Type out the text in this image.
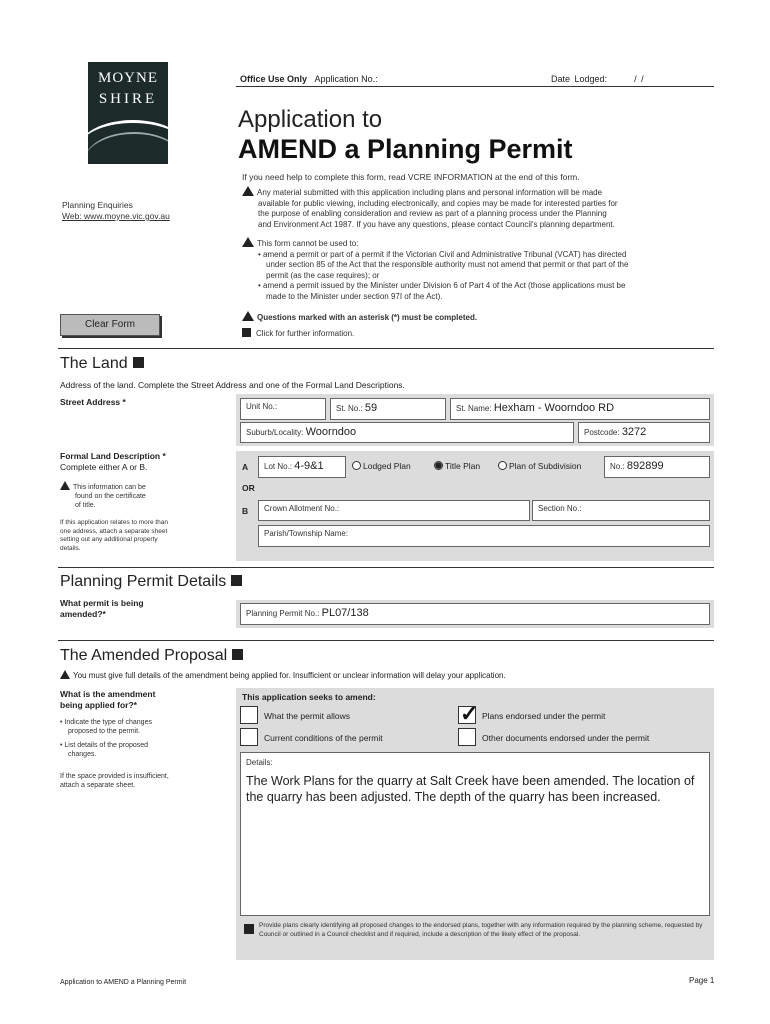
MOYNE
SHIRE
Office Use Only Application No.:	Date Lodged:	/ /
Application to
AMEND a Planning Permit
If you need help to complete this form, read VCRE INFORMATION at the end of this form.
Any material submitted with this application including plans and personal information will be made
available for public viewing, including electronically, and copies may be made for interested parties for
the purpose of enabling consideration and review as part of a planning process under the Planning
and Environment Act 1987. If you have any questions, please contact Council's planning department.
This form cannot be used to:
• amend a permit or part of a permit if the Victorian Civil and Administrative Tribunal (VCAT) has directed
under section 85 of the Act that the responsible authority must not amend that permit or that part of the
permit (as the case requires); or
• amend a permit issued by the Minister under Division 6 of Part 4 of the Act (those applications must be
made to the Minister under section 97I of the Act).
Questions marked with an asterisk (*) must be completed.
Click for further information.
Planning Enquiries
Web: www.moyne.vic.gov.au
Clear Form
The Land
Address of the land. Complete the Street Address and one of the Formal Land Descriptions.
Street Address *	Unit No.:	St. No.: 59	St. Name: Hexham - Woorndoo RD
Suburb/Locality: Woorndoo	Postcode: 3272
Formal Land Description *
Complete either A or B.
This information can be
found on the certificate
of title.
If this application relates to more than
one address, attach a separate sheet
setting out any additional property
details.
A	Lot No.: 4-9&1	Lodged Plan	Title Plan	Plan of Subdivision	No.: 892899
OR
B	Crown Allotment No.:	Section No.:
Parish/Township Name:
Planning Permit Details
What permit is being
amended?*	Planning Permit No.: PL07/138
The Amended Proposal
You must give full details of the amendment being applied for. Insufficient or unclear information will delay your application.
What is the amendment
being applied for?*
• Indicate the type of changes
proposed to the permit.
• List details of the proposed
changes.
If the space provided is insufficient,
attach a separate sheet.
This application seeks to amend:
What the permit allows
✓	Plans endorsed under the permit
Current conditions of the permit	Other documents endorsed under the permit
Details:
The Work Plans for the quarry at Salt Creek have been amended. The location of the quarry has been adjusted. The depth of the quarry has been increased.
Provide plans clearly identifying all proposed changes to the endorsed plans, together with any information required by the planning scheme, requested by Council or outlined in a Council checklist and if required, include a description of the likely effect of the proposal.
Application to AMEND a Planning Permit	Page 1
